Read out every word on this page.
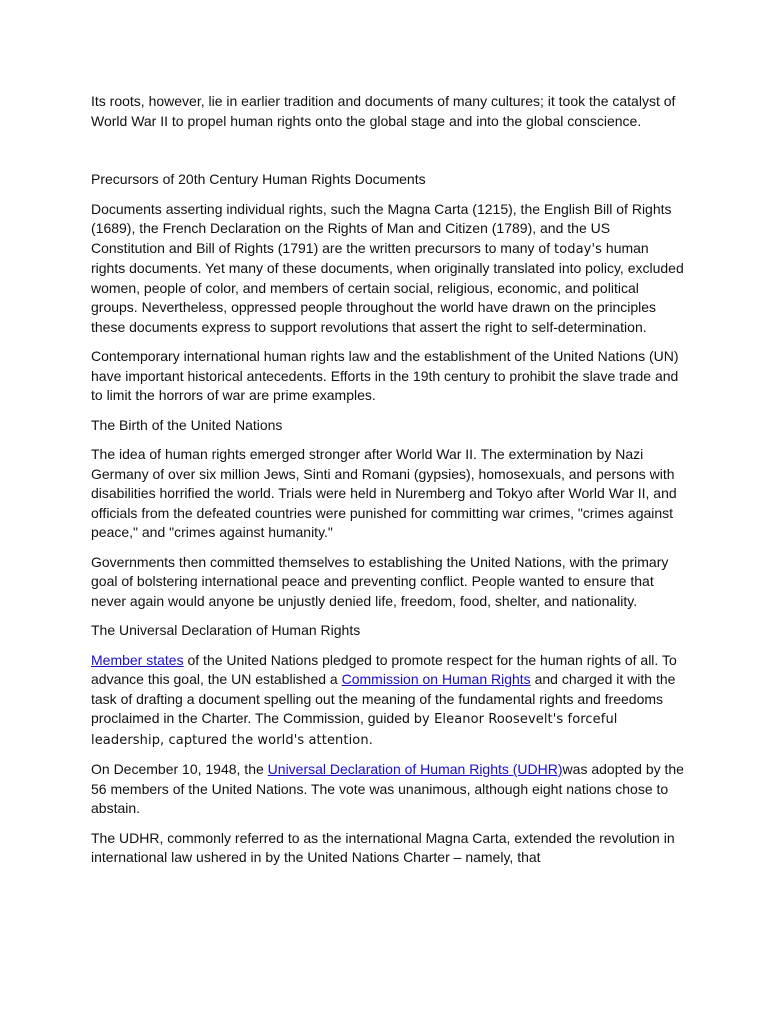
Its roots, however, lie in earlier tradition and documents of many cultures; it took the catalyst of World War II to propel human rights onto the global stage and into the global conscience.

Precursors of 20th Century Human Rights Documents

Documents asserting individual rights, such the Magna Carta (1215), the English Bill of Rights (1689), the French Declaration on the Rights of Man and Citizen (1789), and the US Constitution and Bill of Rights (1791) are the written precursors to many of today's human rights documents. Yet many of these documents, when originally translated into policy, excluded women, people of color, and members of certain social, religious, economic, and political groups. Nevertheless, oppressed people throughout the world have drawn on the principles these documents express to support revolutions that assert the right to self-determination.

Contemporary international human rights law and the establishment of the United Nations (UN) have important historical antecedents. Efforts in the 19th century to prohibit the slave trade and to limit the horrors of war are prime examples.

The Birth of the United Nations

The idea of human rights emerged stronger after World War II. The extermination by Nazi Germany of over six million Jews, Sinti and Romani (gypsies), homosexuals, and persons with disabilities horrified the world. Trials were held in Nuremberg and Tokyo after World War II, and officials from the defeated countries were punished for committing war crimes, "crimes against peace," and "crimes against humanity."

Governments then committed themselves to establishing the United Nations, with the primary goal of bolstering international peace and preventing conflict. People wanted to ensure that never again would anyone be unjustly denied life, freedom, food, shelter, and nationality.

The Universal Declaration of Human Rights

Member states of the United Nations pledged to promote respect for the human rights of all. To advance this goal, the UN established a Commission on Human Rights and charged it with the task of drafting a document spelling out the meaning of the fundamental rights and freedoms proclaimed in the Charter. The Commission, guided by Eleanor Roosevelt's forceful leadership, captured the world's attention.

On December 10, 1948, the Universal Declaration of Human Rights (UDHR)was adopted by the 56 members of the United Nations. The vote was unanimous, although eight nations chose to abstain.

The UDHR, commonly referred to as the international Magna Carta, extended the revolution in international law ushered in by the United Nations Charter – namely, that
